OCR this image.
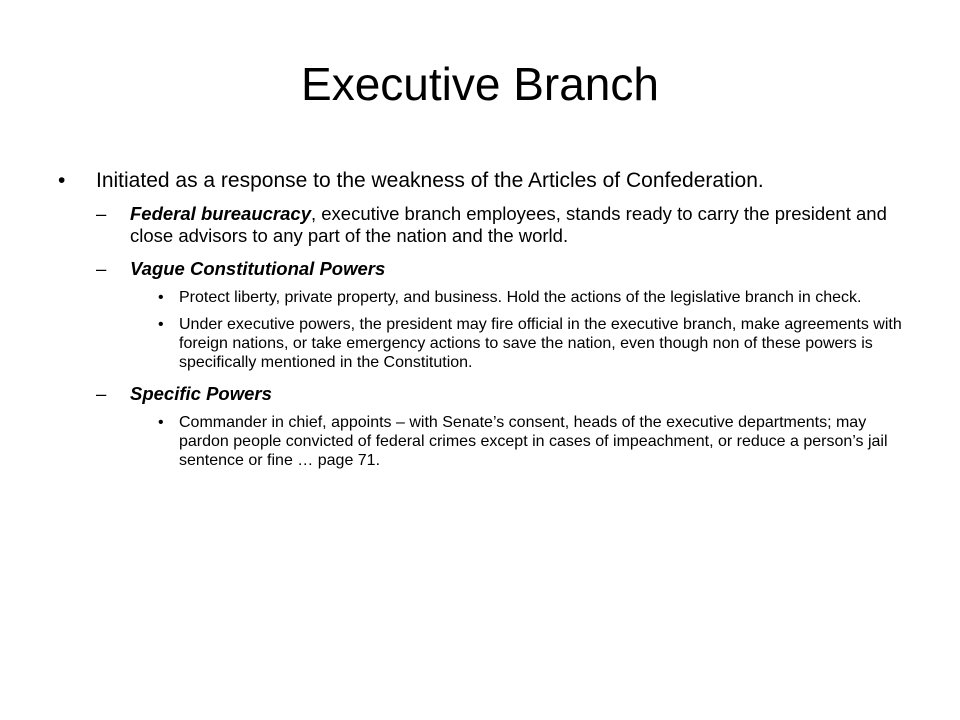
Executive Branch
• Initiated as a response to the weakness of the Articles of Confederation.
– Federal bureaucracy, executive branch employees, stands ready to carry the president and close advisors to any part of the nation and the world.
– Vague Constitutional Powers
• Protect liberty, private property, and business. Hold the actions of the legislative branch in check.
• Under executive powers, the president may fire official in the executive branch, make agreements with foreign nations, or take emergency actions to save the nation, even though non of these powers is specifically mentioned in the Constitution.
– Specific Powers
• Commander in chief, appoints – with Senate’s consent, heads of the executive departments; may pardon people convicted of federal crimes except in cases of impeachment, or reduce a person’s jail sentence or fine … page 71.
